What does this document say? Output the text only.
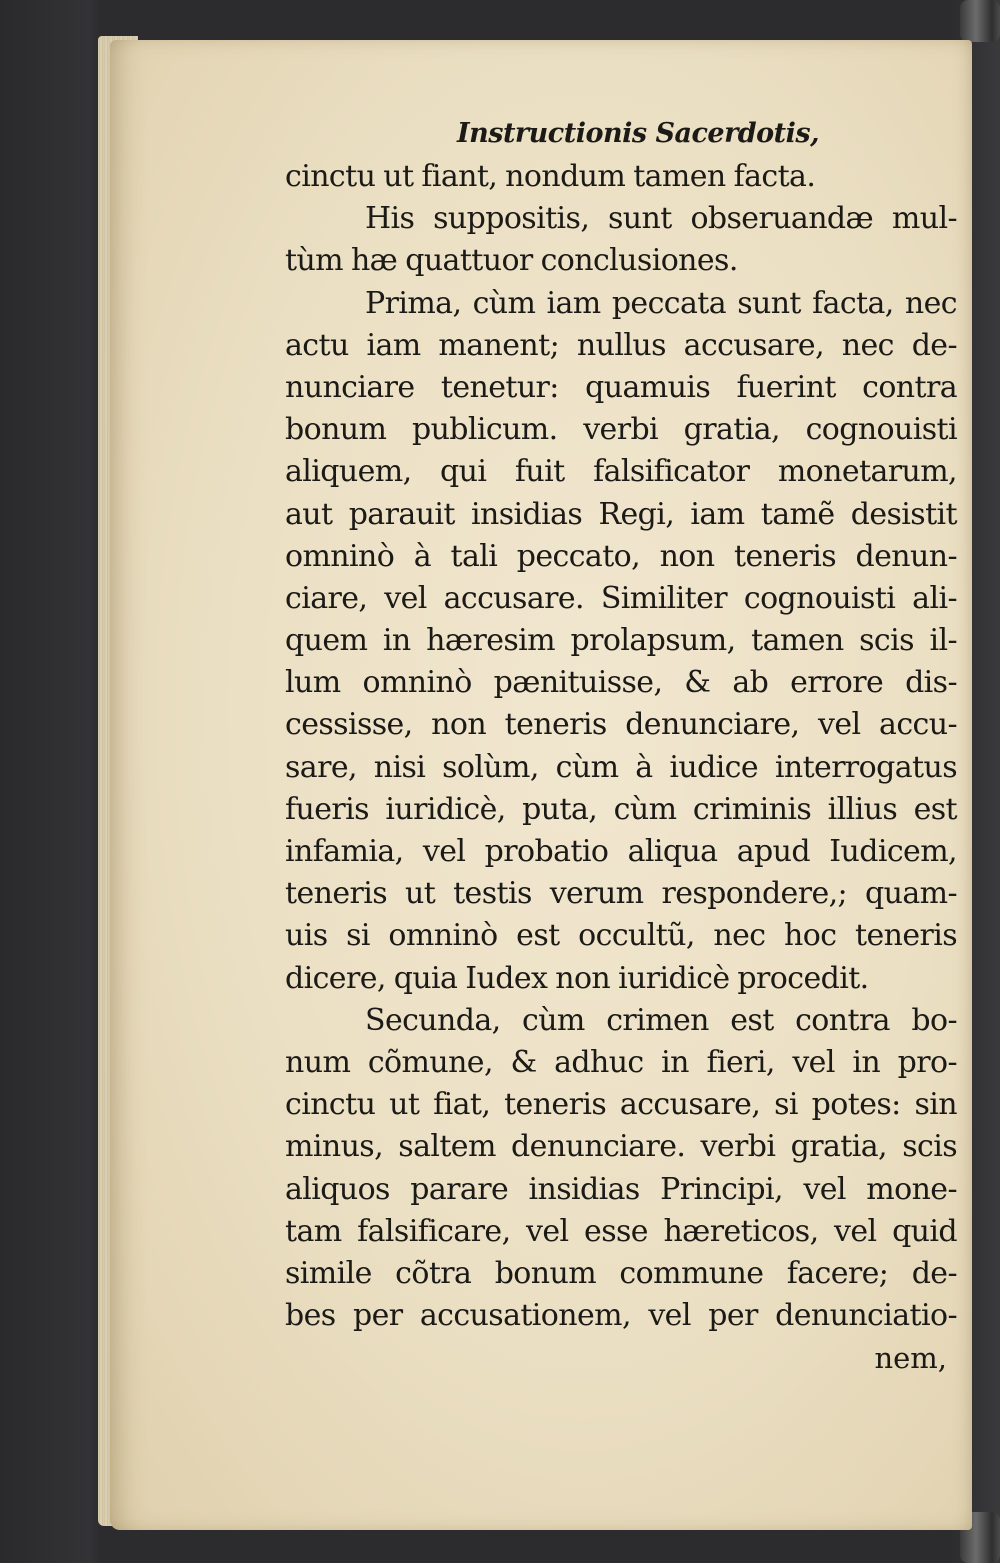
Instructionis Sacerdotis,
cinctu ut fiant, nondum tamen facta.
His suppositis, sunt obseruandæ mul-
tùm hæ quattuor conclusiones.
Prima, cùm iam peccata sunt facta, nec
actu iam manent; nullus accusare, nec de-
nunciare tenetur: quamuis fuerint contra
bonum publicum. verbi gratia, cognouisti
aliquem, qui fuit falsificator monetarum,
aut parauit insidias Regi, iam tamẽ desistit
omninò à tali peccato, non teneris denun-
ciare, vel accusare. Similiter cognouisti ali-
quem in hæresim prolapsum, tamen scis il-
lum omninò pænituisse, & ab errore dis-
cessisse, non teneris denunciare, vel accu-
sare, nisi solùm, cùm à iudice interrogatus
fueris iuridicè, puta, cùm criminis illius est
infamia, vel probatio aliqua apud Iudicem,
teneris ut testis verum respondere,; quam-
uis si omninò est occultũ, nec hoc teneris
dicere, quia Iudex non iuridicè procedit.
Secunda, cùm crimen est contra bo-
num cõmune, & adhuc in fieri, vel in pro-
cinctu ut fiat, teneris accusare, si potes: sin
minus, saltem denunciare. verbi gratia, scis
aliquos parare insidias Principi, vel mone-
tam falsificare, vel esse hæreticos, vel quid
simile cõtra bonum commune facere; de-
bes per accusationem, vel per denunciatio-
nem,
